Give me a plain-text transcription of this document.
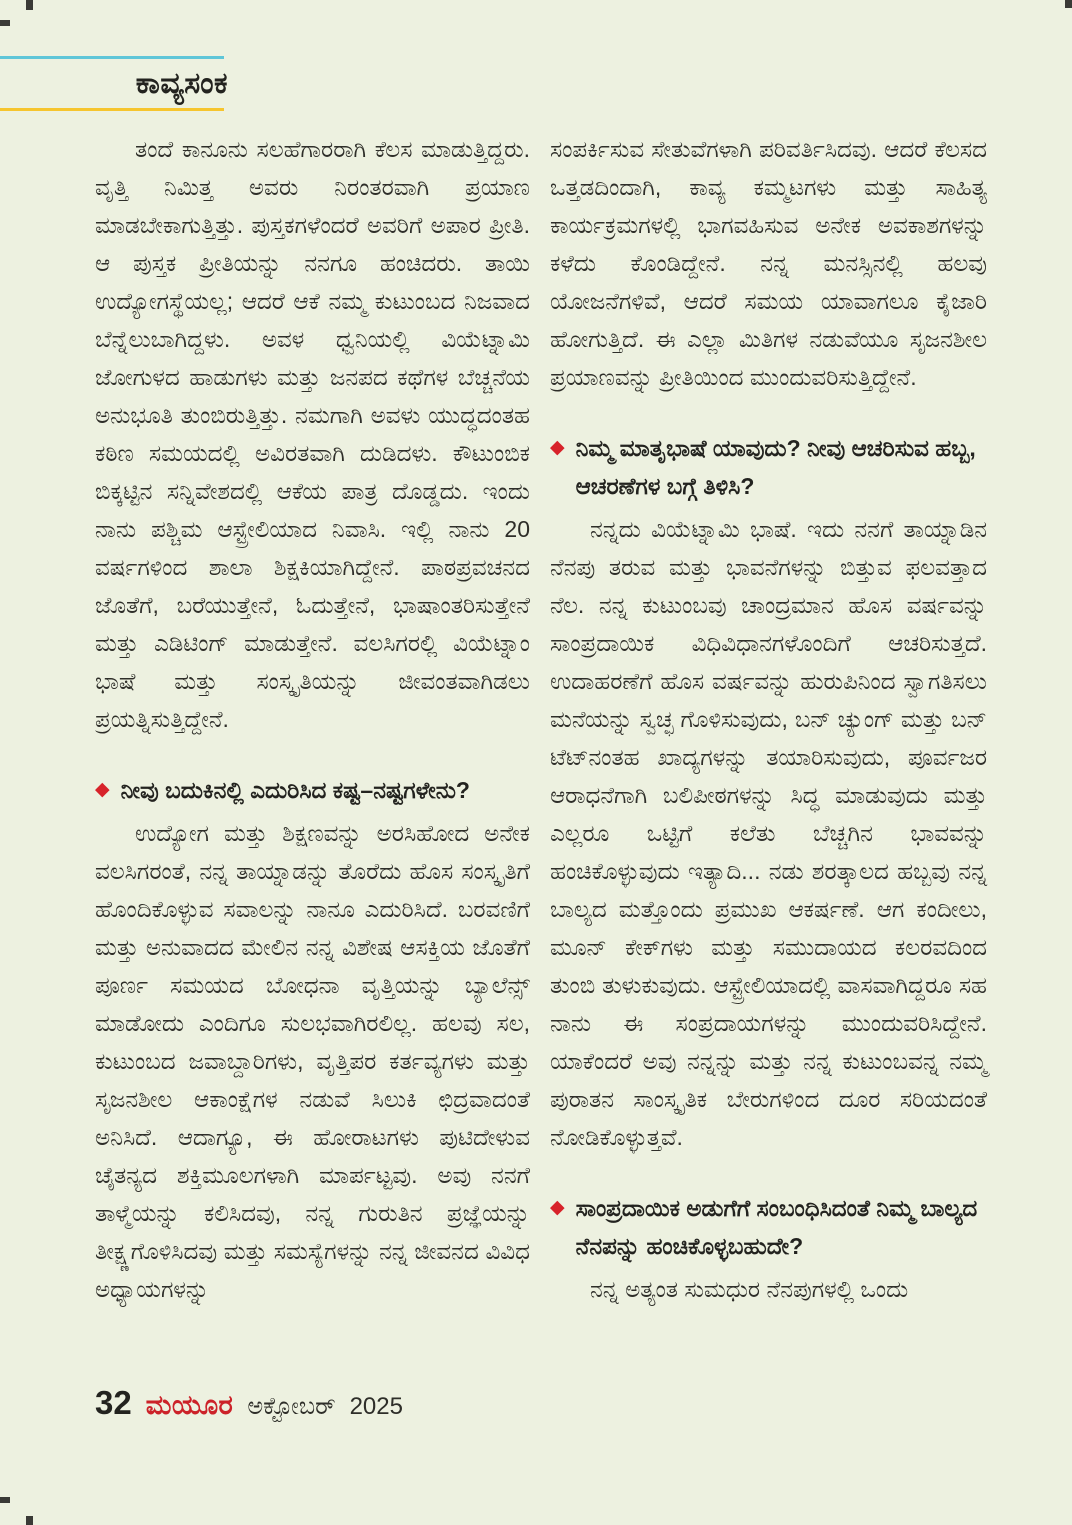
ಕಾವ್ಯಸಂಕ

ತಂದೆ ಕಾನೂನು ಸಲಹೆಗಾರರಾಗಿ ಕೆಲಸ ಮಾಡುತ್ತಿದ್ದರು. ವೃತ್ತಿ ನಿಮಿತ್ತ ಅವರು ನಿರಂತರವಾಗಿ ಪ್ರಯಾಣ ಮಾಡಬೇಕಾಗುತ್ತಿತ್ತು. ಪುಸ್ತಕಗಳೆಂದರೆ ಅವರಿಗೆ ಅಪಾರ ಪ್ರೀತಿ. ಆ ಪುಸ್ತಕ ಪ್ರೀತಿಯನ್ನು ನನಗೂ ಹಂಚಿದರು. ತಾಯಿ ಉದ್ಯೋಗಸ್ಥೆಯಲ್ಲ; ಆದರೆ ಆಕೆ ನಮ್ಮ ಕುಟುಂಬದ ನಿಜವಾದ ಬೆನ್ನೆಲುಬಾಗಿದ್ದಳು. ಅವಳ ಧ್ವನಿಯಲ್ಲಿ ವಿಯೆಟ್ನಾಮಿ ಜೋಗುಳದ ಹಾಡುಗಳು ಮತ್ತು ಜನಪದ ಕಥೆಗಳ ಬೆಚ್ಚನೆಯ ಅನುಭೂತಿ ತುಂಬಿರುತ್ತಿತ್ತು. ನಮಗಾಗಿ ಅವಳು ಯುದ್ಧದಂತಹ ಕಠಿಣ ಸಮಯದಲ್ಲಿ ಅವಿರತವಾಗಿ ದುಡಿದಳು. ಕೌಟುಂಬಿಕ ಬಿಕ್ಕಟ್ಟಿನ ಸನ್ನಿವೇಶದಲ್ಲಿ ಆಕೆಯ ಪಾತ್ರ ದೊಡ್ಡದು. ಇಂದು ನಾನು ಪಶ್ಚಿಮ ಆಸ್ಟ್ರೇಲಿಯಾದ ನಿವಾಸಿ. ಇಲ್ಲಿ ನಾನು 20 ವರ್ಷಗಳಿಂದ ಶಾಲಾ ಶಿಕ್ಷಕಿಯಾಗಿದ್ದೇನೆ. ಪಾಠಪ್ರವಚನದ ಜೊತೆಗೆ, ಬರೆಯುತ್ತೇನೆ, ಓದುತ್ತೇನೆ, ಭಾಷಾಂತರಿಸುತ್ತೇನೆ ಮತ್ತು ಎಡಿಟಿಂಗ್ ಮಾಡುತ್ತೇನೆ. ವಲಸಿಗರಲ್ಲಿ ವಿಯೆಟ್ನಾಂ ಭಾಷೆ ಮತ್ತು ಸಂಸ್ಕೃತಿಯನ್ನು ಜೀವಂತವಾಗಿಡಲು ಪ್ರಯತ್ನಿಸುತ್ತಿದ್ದೇನೆ.

◆ ನೀವು ಬದುಕಿನಲ್ಲಿ ಎದುರಿಸಿದ ಕಷ್ಟ–ನಷ್ಟಗಳೇನು?

ಉದ್ಯೋಗ ಮತ್ತು ಶಿಕ್ಷಣವನ್ನು ಅರಸಿಹೋದ ಅನೇಕ ವಲಸಿಗರಂತೆ, ನನ್ನ ತಾಯ್ನಾಡನ್ನು ತೊರೆದು ಹೊಸ ಸಂಸ್ಕೃತಿಗೆ ಹೊಂದಿಕೊಳ್ಳುವ ಸವಾಲನ್ನು ನಾನೂ ಎದುರಿಸಿದೆ. ಬರವಣಿಗೆ ಮತ್ತು ಅನುವಾದದ ಮೇಲಿನ ನನ್ನ ವಿಶೇಷ ಆಸಕ್ತಿಯ ಜೊತೆಗೆ ಪೂರ್ಣ ಸಮಯದ ಬೋಧನಾ ವೃತ್ತಿಯನ್ನು ಬ್ಯಾಲೆನ್ಸ್ ಮಾಡೋದು ಎಂದಿಗೂ ಸುಲಭವಾಗಿರಲಿಲ್ಲ. ಹಲವು ಸಲ, ಕುಟುಂಬದ ಜವಾಬ್ದಾರಿಗಳು, ವೃತ್ತಿಪರ ಕರ್ತವ್ಯಗಳು ಮತ್ತು ಸೃಜನಶೀಲ ಆಕಾಂಕ್ಷೆಗಳ ನಡುವೆ ಸಿಲುಕಿ ಛಿದ್ರವಾದಂತೆ ಅನಿಸಿದೆ. ಆದಾಗ್ಯೂ, ಈ ಹೋರಾಟಗಳು ಪುಟಿದೇಳುವ ಚೈತನ್ಯದ ಶಕ್ತಿಮೂಲಗಳಾಗಿ ಮಾರ್ಪಟ್ಟವು. ಅವು ನನಗೆ ತಾಳ್ಮೆಯನ್ನು ಕಲಿಸಿದವು, ನನ್ನ ಗುರುತಿನ ಪ್ರಜ್ಞೆಯನ್ನು ತೀಕ್ಷ್ಣಗೊಳಿಸಿದವು ಮತ್ತು ಸಮಸ್ಯೆಗಳನ್ನು ನನ್ನ ಜೀವನದ ವಿವಿಧ ಅಧ್ಯಾಯಗಳನ್ನು

ಸಂಪರ್ಕಿಸುವ ಸೇತುವೆಗಳಾಗಿ ಪರಿವರ್ತಿಸಿದವು. ಆದರೆ ಕೆಲಸದ ಒತ್ತಡದಿಂದಾಗಿ, ಕಾವ್ಯ ಕಮ್ಮಟಗಳು ಮತ್ತು ಸಾಹಿತ್ಯ ಕಾರ್ಯಕ್ರಮಗಳಲ್ಲಿ ಭಾಗವಹಿಸುವ ಅನೇಕ ಅವಕಾಶಗಳನ್ನು ಕಳೆದು ಕೊಂಡಿದ್ದೇನೆ. ನನ್ನ ಮನಸ್ಸಿನಲ್ಲಿ ಹಲವು ಯೋಜನೆಗಳಿವೆ, ಆದರೆ ಸಮಯ ಯಾವಾಗಲೂ ಕೈಜಾರಿ ಹೋಗುತ್ತಿದೆ. ಈ ಎಲ್ಲಾ ಮಿತಿಗಳ ನಡುವೆಯೂ ಸೃಜನಶೀಲ ಪ್ರಯಾಣವನ್ನು ಪ್ರೀತಿಯಿಂದ ಮುಂದುವರಿಸುತ್ತಿದ್ದೇನೆ.

◆ ನಿಮ್ಮ ಮಾತೃಭಾಷೆ ಯಾವುದು? ನೀವು ಆಚರಿಸುವ ಹಬ್ಬ, ಆಚರಣೆಗಳ ಬಗ್ಗೆ ತಿಳಿಸಿ?

ನನ್ನದು ವಿಯೆಟ್ನಾಮಿ ಭಾಷೆ. ಇದು ನನಗೆ ತಾಯ್ನಾಡಿನ ನೆನಪು ತರುವ ಮತ್ತು ಭಾವನೆಗಳನ್ನು ಬಿತ್ತುವ ಫಲವತ್ತಾದ ನೆಲ. ನನ್ನ ಕುಟುಂಬವು ಚಾಂದ್ರಮಾನ ಹೊಸ ವರ್ಷವನ್ನು ಸಾಂಪ್ರದಾಯಿಕ ವಿಧಿವಿಧಾನಗಳೊಂದಿಗೆ ಆಚರಿಸುತ್ತದೆ. ಉದಾಹರಣೆಗೆ ಹೊಸ ವರ್ಷವನ್ನು ಹುರುಪಿನಿಂದ ಸ್ವಾಗತಿಸಲು ಮನೆಯನ್ನು ಸ್ವಚ್ಛ ಗೊಳಿಸುವುದು, ಬನ್ ಚ್ಯುಂಗ್ ಮತ್ತು ಬನ್ ಟೆಟ್‌ನಂತಹ ಖಾದ್ಯಗಳನ್ನು ತಯಾರಿಸುವುದು, ಪೂರ್ವಜರ ಆರಾಧನೆಗಾಗಿ ಬಲಿಪೀಠಗಳನ್ನು ಸಿದ್ಧ ಮಾಡುವುದು ಮತ್ತು ಎಲ್ಲರೂ ಒಟ್ಟಿಗೆ ಕಲೆತು ಬೆಚ್ಚಗಿನ ಭಾವವನ್ನು ಹಂಚಿಕೊಳ್ಳುವುದು ಇತ್ಯಾದಿ... ನಡು ಶರತ್ಕಾಲದ ಹಬ್ಬವು ನನ್ನ ಬಾಲ್ಯದ ಮತ್ತೊಂದು ಪ್ರಮುಖ ಆಕರ್ಷಣೆ. ಆಗ ಕಂದೀಲು, ಮೂನ್ ಕೇಕ್‌ಗಳು ಮತ್ತು ಸಮುದಾಯದ ಕಲರವದಿಂದ ತುಂಬಿ ತುಳುಕುವುದು. ಆಸ್ಟ್ರೇಲಿಯಾದಲ್ಲಿ ವಾಸವಾಗಿದ್ದರೂ ಸಹ ನಾನು ಈ ಸಂಪ್ರದಾಯಗಳನ್ನು ಮುಂದುವರಿಸಿದ್ದೇನೆ. ಯಾಕೆಂದರೆ ಅವು ನನ್ನನ್ನು ಮತ್ತು ನನ್ನ ಕುಟುಂಬವನ್ನ ನಮ್ಮ ಪುರಾತನ ಸಾಂಸ್ಕೃತಿಕ ಬೇರುಗಳಿಂದ ದೂರ ಸರಿಯದಂತೆ ನೋಡಿಕೊಳ್ಳುತ್ತವೆ.

◆ ಸಾಂಪ್ರದಾಯಿಕ ಅಡುಗೆಗೆ ಸಂಬಂಧಿಸಿದಂತೆ ನಿಮ್ಮ ಬಾಲ್ಯದ ನೆನಪನ್ನು ಹಂಚಿಕೊಳ್ಳಬಹುದೇ?

ನನ್ನ ಅತ್ಯಂತ ಸುಮಧುರ ನೆನಪುಗಳಲ್ಲಿ ಒಂದು

32 ಮಯೂರ ಅಕ್ಟೋಬರ್ 2025
